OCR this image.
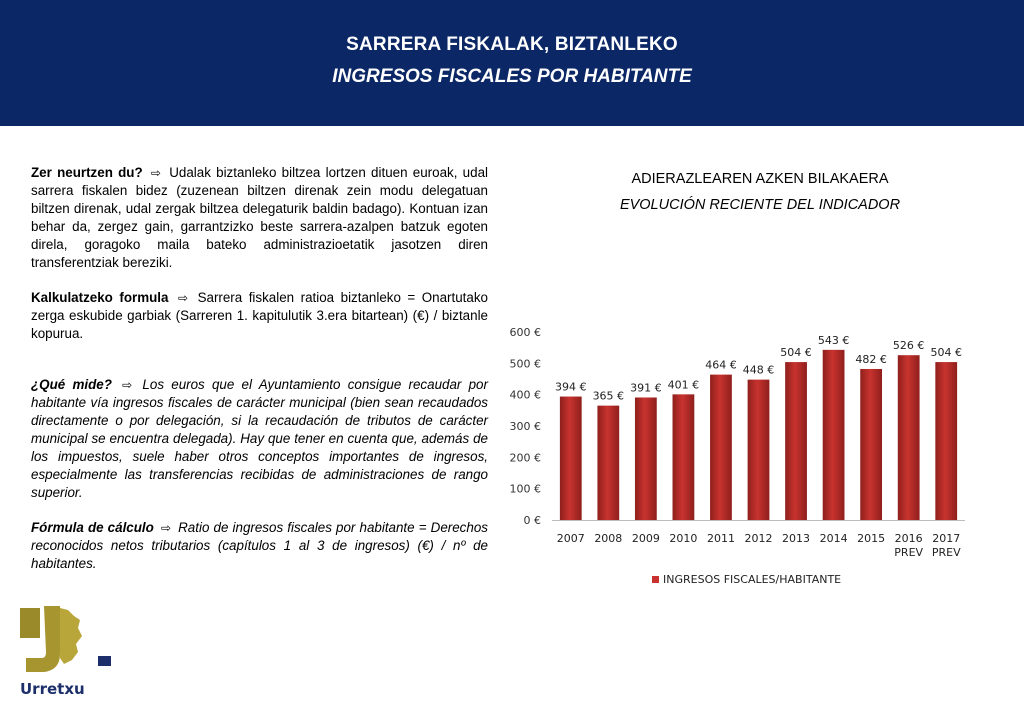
SARRERA FISKALAK, BIZTANLEKO
INGRESOS FISCALES POR HABITANTE

Zer neurtzen du? ⇨ Udalak biztanleko biltzea lortzen dituen euroak, udal sarrera fiskalen bidez (zuzenean biltzen direnak zein modu delegatuan biltzen direnak, udal zergak biltzea delegaturik baldin badago). Kontuan izan behar da, zergez gain, garrantzizko beste sarrera-azalpen batzuk egoten direla, goragoko maila bateko administrazioetatik jasotzen diren transferentziak bereziki.

Kalkulatzeko formula ⇨ Sarrera fiskalen ratioa biztanleko = Onartutako zerga eskubide garbiak (Sarreren 1. kapitulutik 3.era bitartean) (€) / biztanle kopurua.

¿Qué mide? ⇨ Los euros que el Ayuntamiento consigue recaudar por habitante vía ingresos fiscales de carácter municipal (bien sean recaudados directamente o por delegación, si la recaudación de tributos de carácter municipal se encuentra delegada). Hay que tener en cuenta que, además de los impuestos, suele haber otros conceptos importantes de ingresos, especialmente las transferencias recibidas de administraciones de rango superior.

Fórmula de cálculo ⇨ Ratio de ingresos fiscales por habitante = Derechos reconocidos netos tributarios (capítulos 1 al 3 de ingresos) (€) / nº de habitantes.

ADIERAZLEAREN AZKEN BILAKAERA
EVOLUCIÓN RECIENTE DEL INDICADOR
0 €
100 €
200 €
300 €
400 €
500 €
600 €
394 €
2007
365 €
2008
391 €
2009
401 €
2010
464 €
2011
448 €
2012
504 €
2013
543 €
2014
482 €
2015
526 €
2016
PREV
504 €
2017
PREV
INGRESOS FISCALES/HABITANTE
Urretxu
